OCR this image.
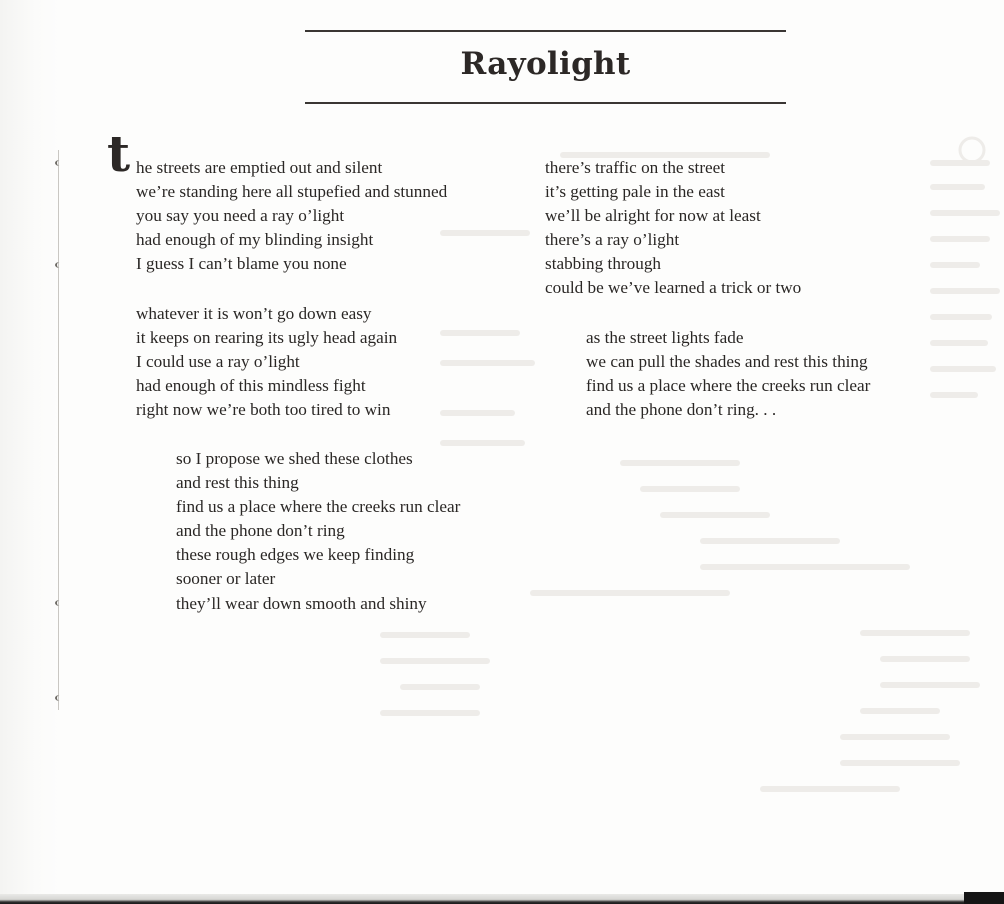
Rayolight
t he streets are emptied out and silent
we’re standing here all stupefied and stunned
you say you need a ray o’light
had enough of my blinding insight
I guess I can’t blame you none
whatever it is won’t go down easy
it keeps on rearing its ugly head again
I could use a ray o’light
had enough of this mindless fight
right now we’re both too tired to win
so I propose we shed these clothes
and rest this thing
find us a place where the creeks run clear
and the phone don’t ring
these rough edges we keep finding
sooner or later
they’ll wear down smooth and shiny
there’s traffic on the street
it’s getting pale in the east
we’ll be alright for now at least
there’s a ray o’light
stabbing through
could be we’ve learned a trick or two
as the street lights fade
we can pull the shades and rest this thing
find us a place where the creeks run clear
and the phone don’t ring. . .
